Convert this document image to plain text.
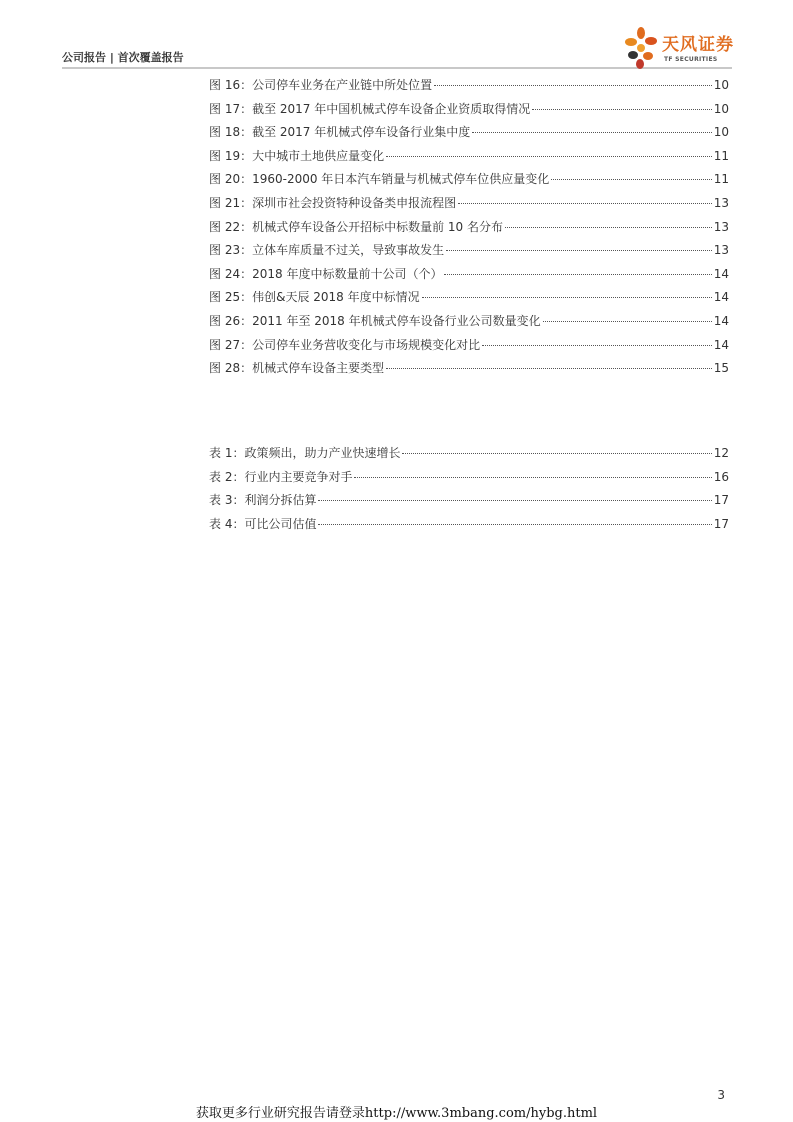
公司报告 | 首次覆盖报告
天风证券
TF SECURITIES
图 16：公司停车业务在产业链中所处位置	10
图 17：截至 2017 年中国机械式停车设备企业资质取得情况	10
图 18：截至 2017 年机械式停车设备行业集中度	10
图 19：大中城市土地供应量变化	11
图 20：1960-2000 年日本汽车销量与机械式停车位供应量变化	11
图 21：深圳市社会投资特种设备类申报流程图	13
图 22：机械式停车设备公开招标中标数量前 10 名分布	13
图 23：立体车库质量不过关，导致事故发生	13
图 24：2018 年度中标数量前十公司（个）	14
图 25：伟创&天辰 2018 年度中标情况	14
图 26：2011 年至 2018 年机械式停车设备行业公司数量变化	14
图 27：公司停车业务营收变化与市场规模变化对比	14
图 28：机械式停车设备主要类型	15
表 1：政策频出，助力产业快速增长	12
表 2：行业内主要竞争对手	16
表 3：利润分拆估算	17
表 4：可比公司估值	17
3
获取更多行业研究报告请登录http://www.3mbang.com/hybg.html
